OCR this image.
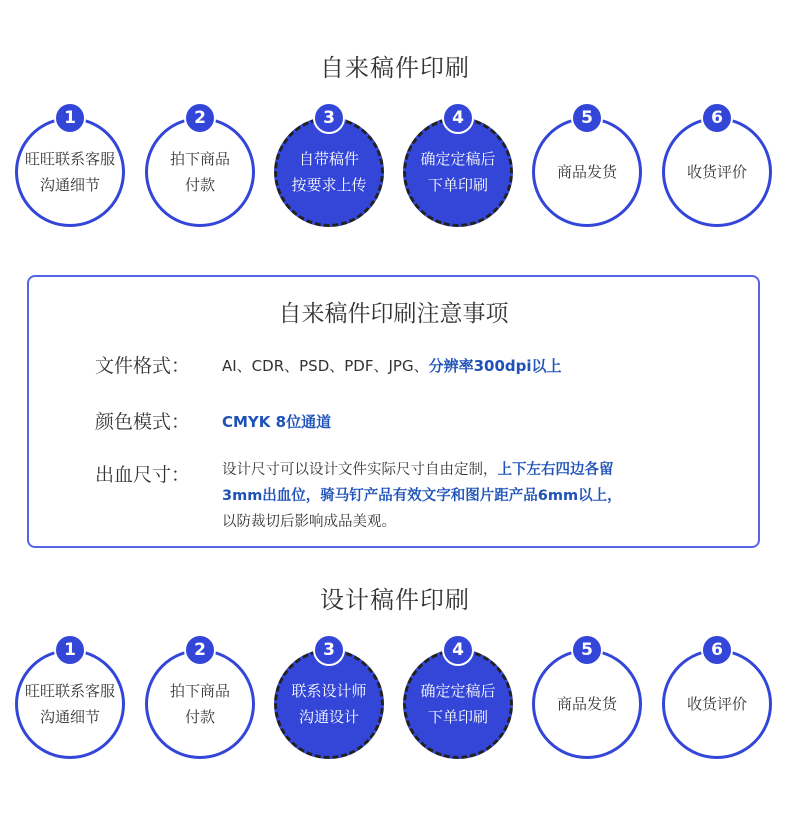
自来稿件印刷
旺旺联系客服
沟通细节
1
拍下商品
付款
2
自带稿件
按要求上传
3
确定定稿后
下单印刷
4
商品发货
5
收货评价
6
自来稿件印刷注意事项
文件格式： AI、CDR、PSD、PDF、JPG、分辨率300dpi以上
颜色模式： CMYK 8位通道
出血尺寸： 设计尺寸可以设计文件实际尺寸自由定制，上下左右四边各留
3mm出血位，骑马钉产品有效文字和图片距产品6mm以上，
以防裁切后影响成品美观。
设计稿件印刷
旺旺联系客服
沟通细节
1
拍下商品
付款
2
联系设计师
沟通设计
3
确定定稿后
下单印刷
4
商品发货
5
收货评价
6
